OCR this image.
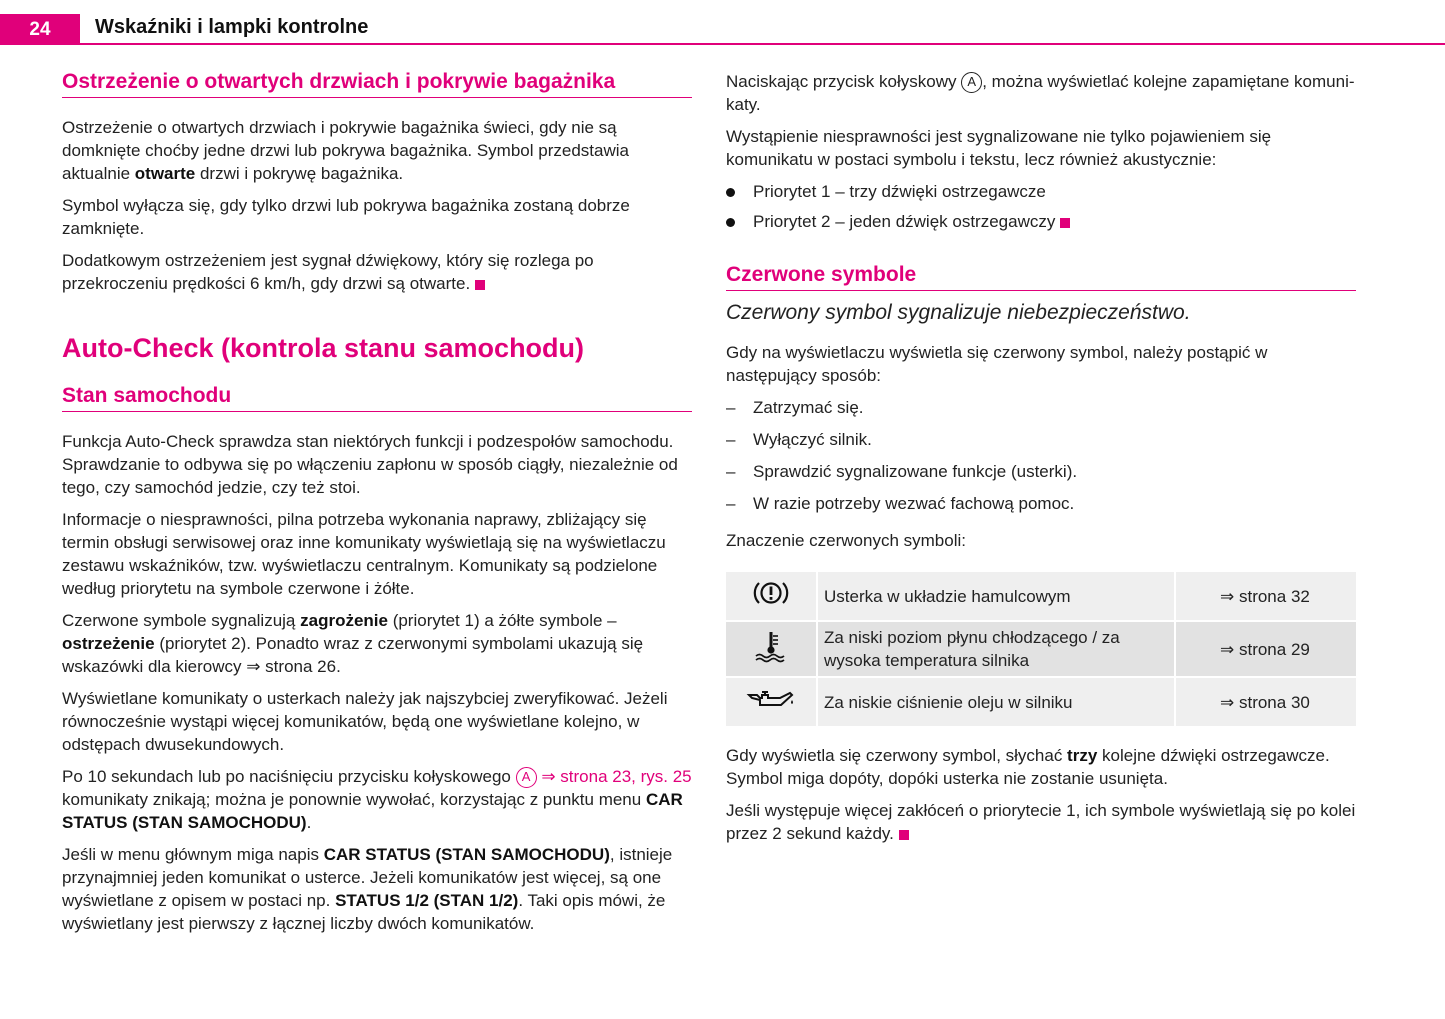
24	Wskaźniki i lampki kontrolne
Ostrzeżenie o otwartych drzwiach i pokrywie bagażnika

Ostrzeżenie o otwartych drzwiach i pokrywie bagażnika świeci, gdy nie są domknięte choćby jedne drzwi lub pokrywa bagażnika. Symbol przedstawia aktualnie otwarte drzwi i pokrywę bagażnika.

Symbol wyłącza się, gdy tylko drzwi lub pokrywa bagażnika zostaną dobrze zamknięte.

Dodatkowym ostrzeżeniem jest sygnał dźwiękowy, który się rozlega po przekroczeniu prędkości 6 km/h, gdy drzwi są otwarte.

Auto-Check (kontrola stanu samochodu)
Stan samochodu

Funkcja Auto-Check sprawdza stan niektórych funkcji i podzespołów samochodu. Sprawdzanie to odbywa się po włączeniu zapłonu w sposób ciągły, niezależnie od tego, czy samochód jedzie, czy też stoi.

Informacje o niesprawności, pilna potrzeba wykonania naprawy, zbliżający się termin obsługi serwisowej oraz inne komunikaty wyświetlają się na wyświetlaczu zestawu wskaźników, tzw. wyświetlaczu centralnym. Komunikaty są podzielone według priorytetu na symbole czerwone i żółte.

Czerwone symbole sygnalizują zagrożenie (priorytet 1) a żółte symbole – ostrzeżenie (priorytet 2). Ponadto wraz z czerwonymi symbolami ukazują się wskazówki dla kierowcy ⇒ strona 26.

Wyświetlane komunikaty o usterkach należy jak najszybciej zweryfikować. Jeżeli równocześnie wystąpi więcej komunikatów, będą one wyświetlane kolejno, w odstępach dwusekundowych.

Po 10 sekundach lub po naciśnięciu przycisku kołyskowego A ⇒ strona 23, rys. 25 komunikaty znikają; można je ponownie wywołać, korzystając z punktu menu CAR STATUS (STAN SAMOCHODU).

Jeśli w menu głównym miga napis CAR STATUS (STAN SAMOCHODU), istnieje przynajmniej jeden komunikat o usterce. Jeżeli komunikatów jest więcej, są one wyświetlane z opisem w postaci np. STATUS 1/2 (STAN 1/2). Taki opis mówi, że wyświetlany jest pierwszy z łącznej liczby dwóch komunikatów.

Naciskając przycisk kołyskowy A , można wyświetlać kolejne zapamiętane komunikaty.

Wystąpienie niesprawności jest sygnalizowane nie tylko pojawieniem się komunikatu w postaci symbolu i tekstu, lecz również akustycznie:

Priorytet 1 – trzy dźwięki ostrzegawcze
Priorytet 2 – jeden dźwięk ostrzegawczy
Czerwone symbole
Czerwony symbol sygnalizuje niebezpieczeństwo.

Gdy na wyświetlaczu wyświetla się czerwony symbol, należy postąpić w następujący sposób:

– Zatrzymać się.
– Wyłączyć silnik.
– Sprawdzić sygnalizowane funkcje (usterki).
– W razie potrzeby wezwać fachową pomoc.

Znaczenie czerwonych symboli:

	Usterka w układzie hamulcowym	⇒ strona 32
	Za niski poziom płynu chłodzącego / za wysoka temperatura silnika	⇒ strona 29
	Za niskie ciśnienie oleju w silniku	⇒ strona 30

Gdy wyświetla się czerwony symbol, słychać trzy kolejne dźwięki ostrzegawcze. Symbol miga dopóty, dopóki usterka nie zostanie usunięta.

Jeśli występuje więcej zakłóceń o priorytecie 1, ich symbole wyświetlają się po kolei przez 2 sekund każdy.
